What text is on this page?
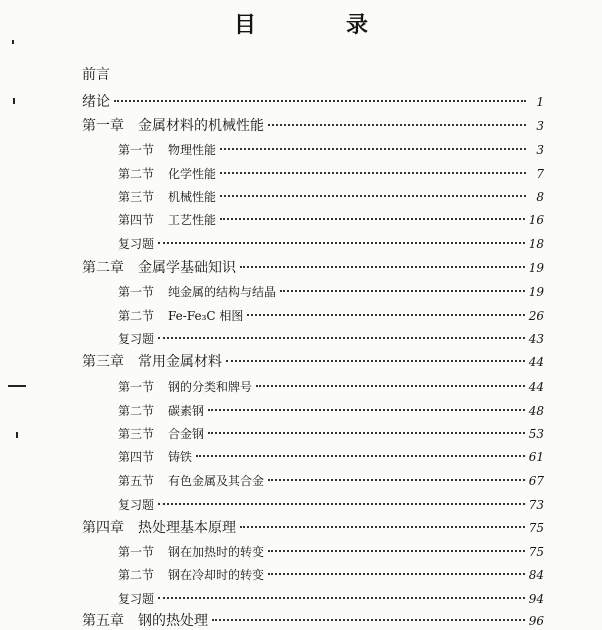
目　录
前言
绪论	1
第一章 金属材料的机械性能	3
第一节 物理性能	3
第二节 化学性能	7
第三节 机械性能	8
第四节 工艺性能	16
复习题	18
第二章 金属学基础知识	19
第一节 纯金属的结构与结晶	19
第二节 Fe-Fe₃C 相图	26
复习题	43
第三章 常用金属材料	44
第一节 钢的分类和牌号	44
第二节 碳素钢	48
第三节 合金钢	53
第四节 铸铁	61
第五节 有色金属及其合金	67
复习题	73
第四章 热处理基本原理	75
第一节 钢在加热时的转变	75
第二节 钢在冷却时的转变	84
复习题	94
第五章 钢的热处理	96
